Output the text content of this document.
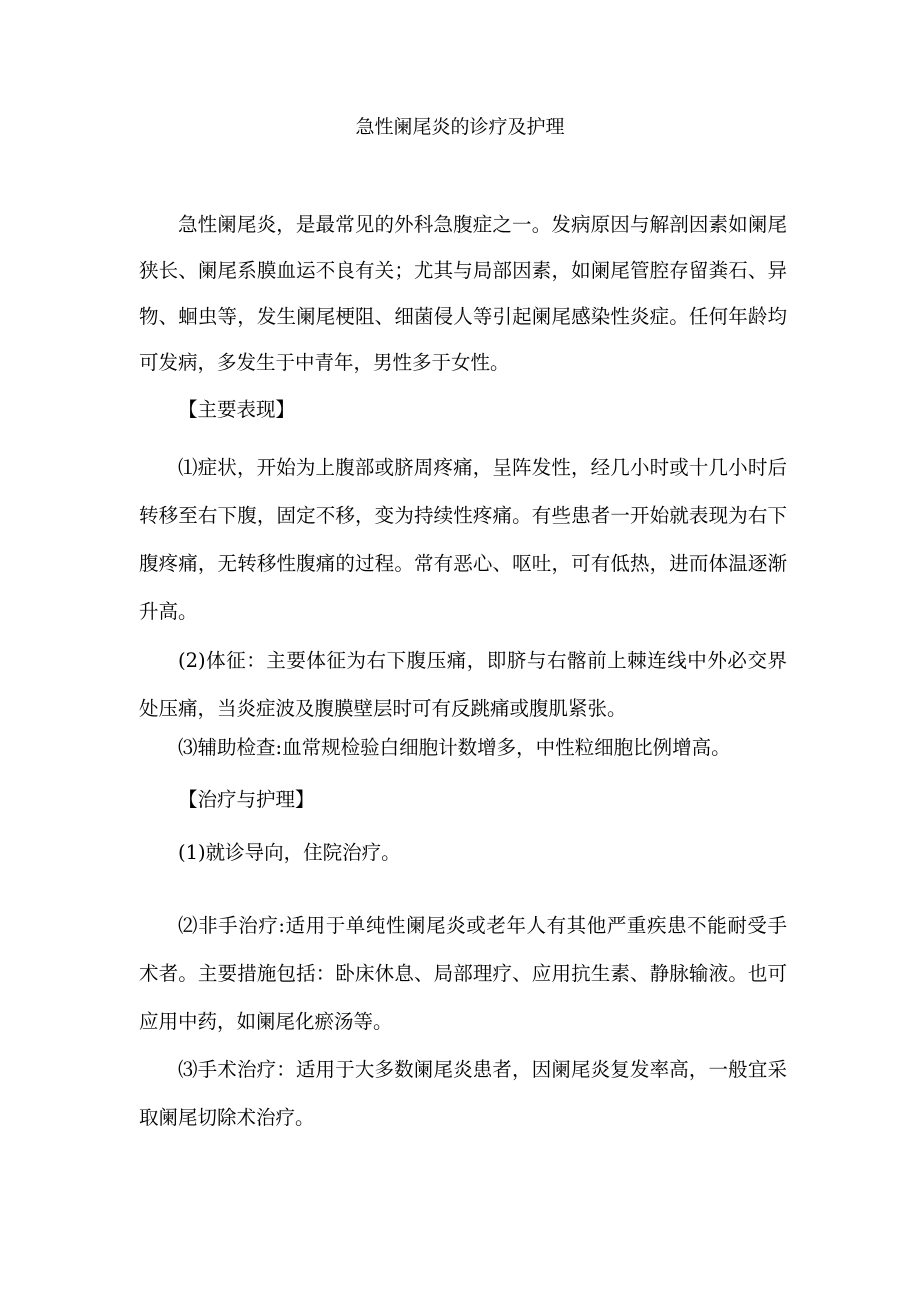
急性阑尾炎的诊疗及护理

急性阑尾炎，是最常见的外科急腹症之一。发病原因与解剖因素如阑尾狭长、阑尾系膜血运不良有关；尤其与局部因素，如阑尾管腔存留粪石、异物、蛔虫等，发生阑尾梗阻、细菌侵人等引起阑尾感染性炎症。任何年龄均可发病，多发生于中青年，男性多于女性。

【主要表现】

⑴症状，开始为上腹部或脐周疼痛，呈阵发性，经几小时或十几小时后转移至右下腹，固定不移，变为持续性疼痛。有些患者一开始就表现为右下腹疼痛，无转移性腹痛的过程。常有恶心、呕吐，可有低热，进而体温逐渐升高。

(2)体征：主要体征为右下腹压痛，即脐与右髂前上棘连线中外必交界处压痛，当炎症波及腹膜壁层时可有反跳痛或腹肌紧张。

⑶辅助检查:血常规检验白细胞计数增多，中性粒细胞比例增高。

【治疗与护理】

(1)就诊导向，住院治疗。

⑵非手治疗:适用于单纯性阑尾炎或老年人有其他严重疾患不能耐受手术者。主要措施包括：卧床休息、局部理疗、应用抗生素、静脉输液。也可应用中药，如阑尾化瘀汤等。

⑶手术治疗：适用于大多数阑尾炎患者，因阑尾炎复发率高，一般宜采取阑尾切除术治疗。
